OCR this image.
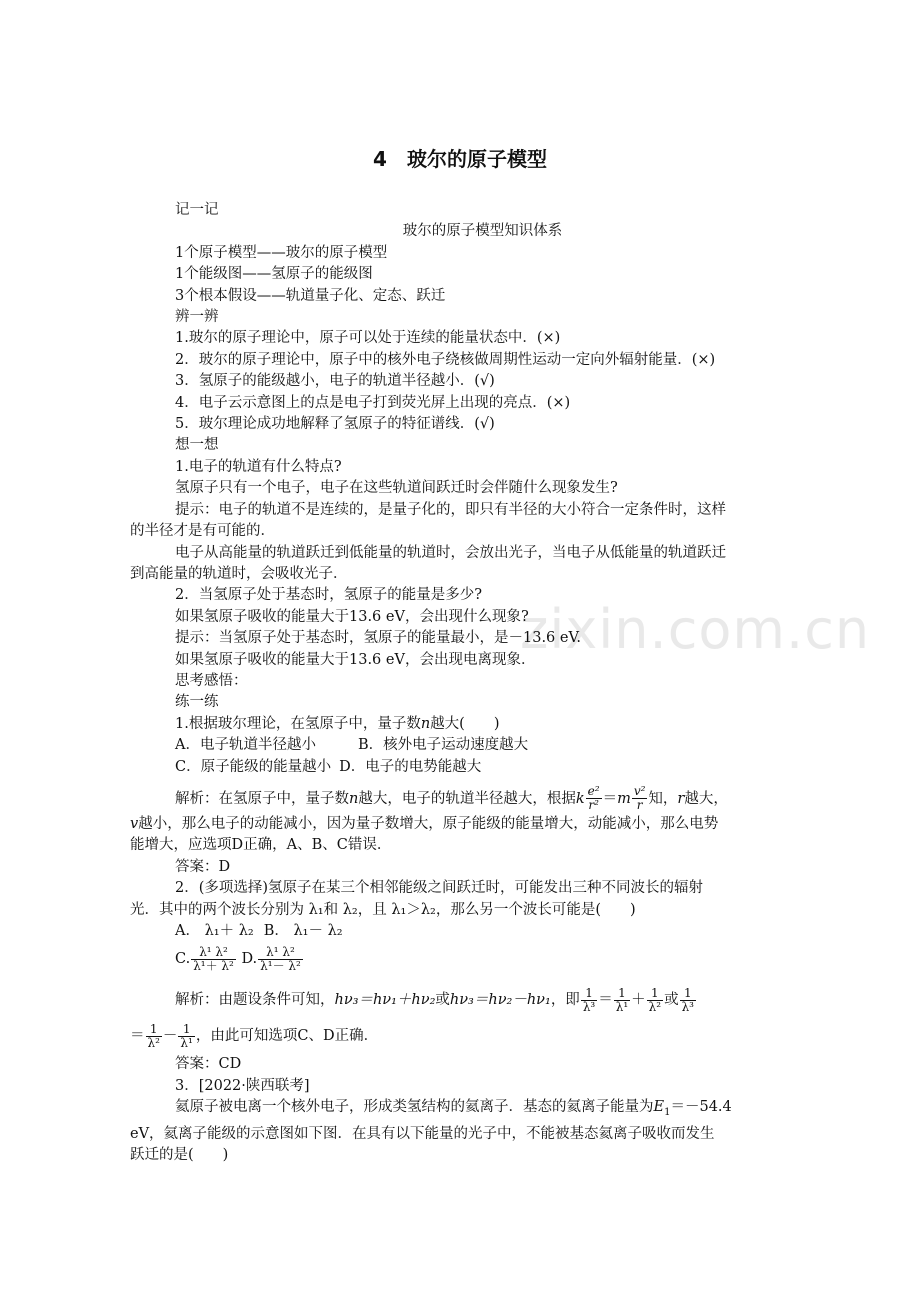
zixin.com.cn
4 玻尔的原子模型
记一记
玻尔的原子模型知识体系
1个原子模型——玻尔的原子模型
1个能级图——氢原子的能级图
3个根本假设——轨道量子化、定态、跃迁
辨一辨
1.玻尔的原子理论中，原子可以处于连续的能量状态中．(×)
2．玻尔的原子理论中，原子中的核外电子绕核做周期性运动一定向外辐射能量．(×)
3．氢原子的能级越小，电子的轨道半径越小．(√)
4．电子云示意图上的点是电子打到荧光屏上出现的亮点．(×)
5．玻尔理论成功地解释了氢原子的特征谱线．(√)
想一想
1.电子的轨道有什么特点?
氢原子只有一个电子，电子在这些轨道间跃迁时会伴随什么现象发生?
提示：电子的轨道不是连续的，是量子化的，即只有半径的大小符合一定条件时，这样
的半径才是有可能的．
电子从高能量的轨道跃迁到低能量的轨道时，会放出光子，当电子从低能量的轨道跃迁
到高能量的轨道时，会吸收光子．
2．当氢原子处于基态时，氢原子的能量是多少?
如果氢原子吸收的能量大于13.6 eV，会出现什么现象?
提示：当氢原子处于基态时，氢原子的能量最小，是－13.6 eV.
如果氢原子吸收的能量大于13.6 eV，会出现电离现象．
思考感悟：
练一练
1.根据玻尔理论，在氢原子中，量子数n越大(　　)
A．电子轨道半径越小	B．核外电子运动速度越大
C．原子能级的能量越小 D．电子的电势能越大
解析：在氢原子中，量子数n越大，电子的轨道半径越大，根据k $\frac{\text{e²}}{\text{r²}} =m \frac{\text{v²}}{r}$ 知，r越大，
v越小，那么电子的动能减小，因为量子数增大，原子能级的能量增大，动能减小，那么电势
能增大，应选项D正确，A、B、C错误．
答案：D
2．(多项选择)氢原子在某三个相邻能级之间跃迁时，可能发出三种不同波长的辐射
光．其中的两个波长分别为 λ₁和 λ₂，且 λ₁＞λ₂，那么另一个波长可能是(　　)
A． λ₁＋ λ₂ B． λ₁－ λ₂
C. $\frac{\text{λ¹ λ²}}{\text{λ¹＋ λ²}} D$. $\frac{\text{λ¹ λ²}}{\text{λ¹－ λ²}}$
解析：由题设条件可知，hν₃＝hν₁＋hν₂或hν₃＝hν₂－hν₁，即 $\frac{1}{\text{λ³}} = \frac{1}{\text{λ¹}} + \frac{1}{\text{λ²}}$ 或 $\frac{1}{\text{λ³}}$
＝ $\frac{1}{\text{λ²}} - \frac{1}{\text{λ¹}}$ ，由此可知选项C、D正确．
答案：CD
3．[2022·陕西联考]
氦原子被电离一个核外电子，形成类氢结构的氦离子．基态的氦离子能量为$E_1=-54.4$
eV，氦离子能级的示意图如下图．在具有以下能量的光子中，不能被基态氦离子吸收而发生
跃迁的是(　　)
